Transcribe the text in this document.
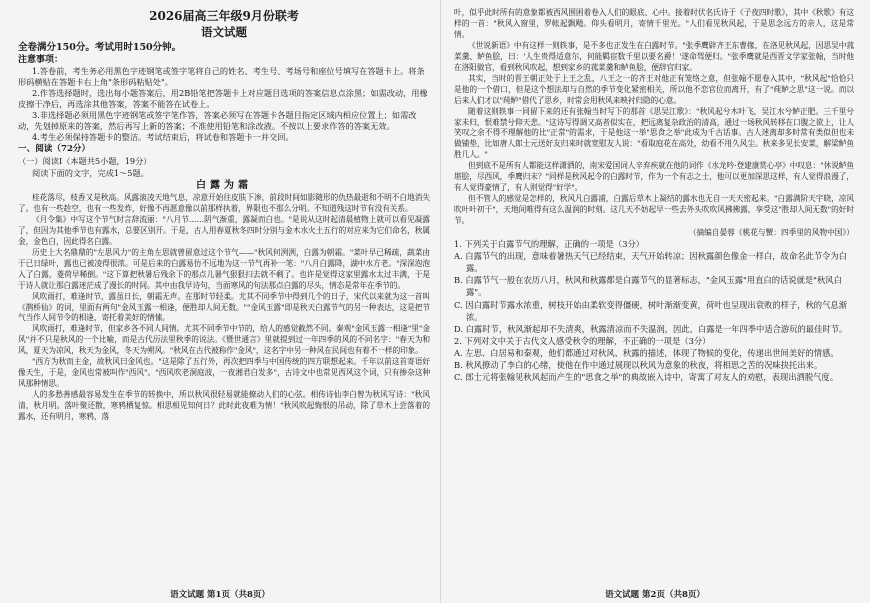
2026届高三年级9月份联考
语文试题
全卷满分150分。考试用时150分钟。
注意事项：
1.答卷前，考生务必用黑色字迹钢笔或签字笔将自己的姓名、考生号、考场号和座位号填写在答题卡上。将条形码横贴在答题卡右上角"条形码粘贴处"。
2.作答选择题时，选出每小题答案后，用2B铅笔把答题卡上对应题目选项的答案信息点涂黑；如需改动，用橡皮擦干净后，再选涂其他答案，答案不能答在试卷上。
3.非选择题必须用黑色字迹钢笔或签字笔作答，答案必须写在答题卡各题目指定区域内相应位置上；如需改动，先划掉原来的答案，然后再写上新的答案；不准使用铅笔和涂改液。不按以上要求作答的答案无效。
4.考生必须保持答题卡的整洁。考试结束后，将试卷和答题卡一并交回。
一、阅读（72分）
（一）阅读Ⅰ（本题共5小题，19分）
阅读下面的文字，完成1～5题。
白露为霜
桂花落尽，枝香又是秋高。风露滚凌天地气息，凉意开始往皮肤下渗，前段时间如影随形的仇热最逝和不明不白地消失了。也有一些趁空，也有一些发炸，好像不再愿意像以前那样执着，界限也不那么分明。不知道残这时节有没有关系。
《月令集》中写这个节气时言辞流丽："八月节……阴气渐重，露凝而白也。"是说从这时起清晨植物上就可以看见凝露了，但因为其他季节也有露水，总要区别开。于是，古人用春夏秋冬四时分别与金木水火土五行的对应来为它们命名，秋属金，金色白，因此得名白露。
历史上大名鼎鼎的"左思风力"的主角左思就曾留意过这个节气——"秋风何洌洌，白露为朝霜。"菜叶早已稀疏，蔬菜由于已日绿叶，露也已被凌得很浓。可是后来的白露易仿不远地为这一节气再补一笔："八月白露降，湖中水方老。"深深泡泡入了白露，菱荷早稀倒。"这下算把秋暑后残余下的那点儿暑气狠狠扫去就不剩了。也许是觉得这家里露水太过丰满，于是于诗人就让那白露迷茫成了漫长的时间。其中由我早诗句，当面寒风的句法那点白露的尽头，情态是常年在季节的。
风吹雨打，难逢时节，露虽日长，朝霜无声。在那时节轻柔。尤其不同季节中得到几个的日子，宋代以来就为这一首叫《鹊桥仙》的词，里面有两句"金风玉露一相逢，便胜却人间无数。""金风玉露"即是秋天白露节气的另一种表达，这是把节气当作人间节令的相逢，寄托着美好的情愫。
风吹雨打，难逢时节，但家乡各不同人间情。尤其不同季节中节的，给人的感觉截然不同。秦观"金风玉露一相逢"里"金风"并不只是秋风的一个比喻，而是古代历法里秋季的说法。《暨世通言》里就提到过一年四季的风的不同名字："春天为和风，夏天为凉风，秋天为金风，冬天为朔风。"秋风在古代被称作"金风"，这名字中另一种风在民间也有着不一样的印象。
"西方为秋而主金，故秋风曰金风也。"这是除了五行外，再次把四季与中国传统的四方联想起来。千年以前这首寄语好像天生，于是，金风也常被叫作"西风"。"西风吹老洞庭波，一夜湘君白发多"，古诗文中也常见西风这个词，只有掺杂这种风那种情思。
人的多愁善感最容易发生在季节的转换中，所以秋风很轻易就能撩动人们的心弦。相传诗仙李白曾为秋风写诗："秋风清，秋月明。落叶聚还散，寒鸦栖复惊。相思相见知何日？此时此夜难为情！"秋风吹起悔恨的吊动，除了草木上尝落着的露水，还有明月，寒鸦，落
语文试题 第1页（共8页）
叶，似乎此时所有的意象都被西风围困着卷入人们的眼底、心中。接着时伏名氏诗于《子夜四时歌》，其中《秋歌》有这样的一首："秋风入窗里，罗帐起飘飏。仰头看明月，寄情千里光。"人们看见秋风起，于是思念远方的亲人，这是常情。
《世说新语》中有这样一则轶事，是不多也正发生在白露时节。"张季鹰辟齐王东曹掾，在洛见秋风起，因思吴中菰菜羹、鲈鱼脍，曰：'人生贵得适意尔，何能羁宦数千里以要名爵！'遂命驾便归。"张季鹰就是西晋文学家张翰，当时他在洛阳做官，看到秋风吹起，想到家乡的菰菜羹和鲈鱼脍，便辞官归家。
其实，当时的晋王朝正处于上王之乱，八王之一的齐王对他正有笼络之意，但张翰不愿卷入其中，"秋风起"恰恰只是他的一个借口，但是这个想法却与自然的季节变化紧密相关，所以他不恋官位而离开，有了"莼鲈之思"这一说。而以后来人们才以"莼鲈"借代了思乡，时常会用秋风来映衬归隐的心意。
随着这则轶事一同留下来的还有张翰当时写下的那首《思吴江歌》："秋风起兮木叶飞，吴江水兮鲈正肥。三千里兮家未归，恨难禁兮仰天悲。"这诗写得调又高者似实在，把远离复杂政治的清高，通过一场秋风转移在口腹之欲上，让人笑叹之余不得不理解他的比"正常"的需求，于是他这一举"思食之举"此成为千古话事。古人迷离却多时常有类似但也未做铺垫，比如唐人郎士元送好友归来时就宽慰友人说："看取庭花在高处，幼看不用久风尘。秋来多见长安菜，解梁鲈鱼胜几人。"
但到底不是所有人都能这样潇洒的，南宋爱国词人辛弃疾就在他的词作《水龙吟·登建康赏心亭》中叹息："休说鲈鱼堪脍，尽西风，季鹰归未？"同样是秋风起令的白露时节，作为一个有志之士，他可以更加深思这样，有人觉得浪漫了，有人觉得豪情了，有人则觉得"好学"。
但不管人的感觉是怎样的，秋风凡白露浦，白露后草木上凝结的露水也无自一天天密起来。"白露满阶天宇晓，凉风吹叶叶初干"，天地间唯得有这么温润的时刻。这几天不妨起早一些去外头吹吹风拂拂露，享受这"胜却人间无数"的好时节。
（摘编自晏蓉《桃花与蟹：四季里的风物中国》）
1. 下列关于白露节气的理解，正确的一项是（3分）
A. 白露节气的出现，意味着暑热天气已经结束，天气开始转凉；因秋露颜色像金一样白，故命名此节令为白露。
B. 白露节气一般在农历八月，秋风和秋露都是白露节气的显著标志，"金风玉露"用直白的话说就是"秋风白露"。
C. 因白露时节露水浓重，树枝开始由柔软变得僵硬，树叶渐渐变黄，荷叶也呈现出衰败的样子，秋的气息渐浓。
D. 白露时节，秋风渐起却不失清爽，秋露清凉而不失温润，因此，白露是一年四季中适合游玩的最佳时节。
2. 下列对文中关于古代文人感受秋令的理解，不正确的一项是（3分）
A. 左思、白居易和秦观，他们都通过对秋风、秋露的描述，体现了物候的变化，传递出世间美好的情感。
B. 秋风撩动了李白的心绪，使他在作中通过展现以秋风为意象的秋夜，将相思之苦的况味抉托出来。
C. 郎士元将张翰见秋风起而产生的"思食之举"的典故嵌入诗中，寄寓了对友人的劝慰，表现出洒脱气度。
语文试题 第2页（共8页）
